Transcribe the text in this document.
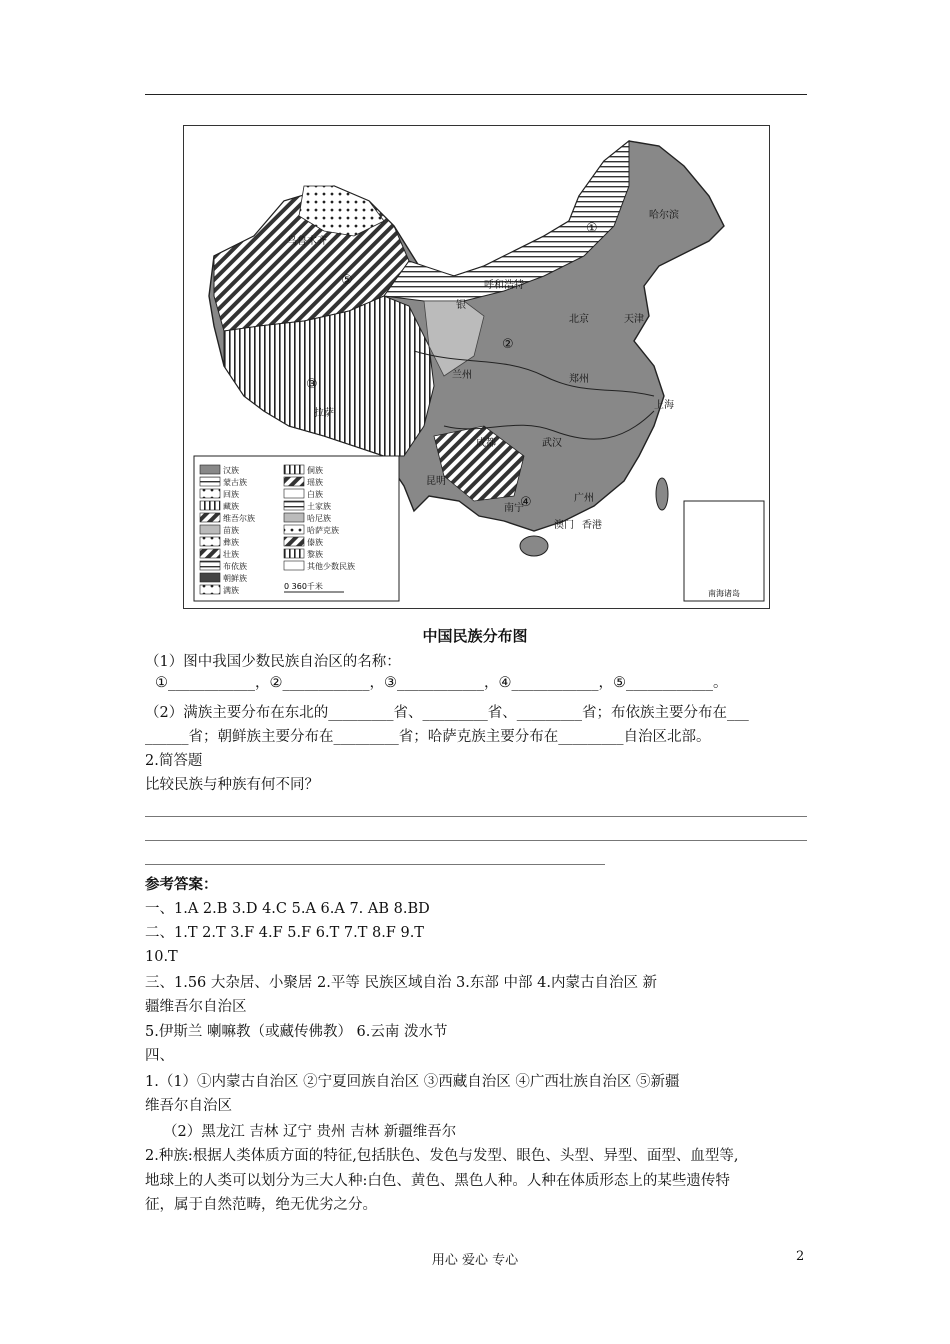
乌鲁木齐
呼和浩特
哈尔滨
北京	天津
银
兰州	郑州
上海
成都	武汉
拉萨
昆明
南宁
广州
香港
澳门
①
②
③
④
⑤
汉族
蒙古族
回族
藏族
维吾尔族
苗族
彝族
壮族
布依族
朝鲜族
满族
侗族
瑶族
白族
土家族
哈尼族
哈萨克族
傣族
黎族
其他少数民族
0 360千米
南海诸岛
中国民族分布图
（1）图中我国少数民族自治区的名称：
①____________，②____________，③____________，④____________，⑤____________。
（2）满族主要分布在东北的_________省、_________省、_________省；布依族主要分布在___
______省；朝鲜族主要分布在_________省；哈萨克族主要分布在_________自治区北部。
2.简答题
比较民族与种族有何不同？
参考答案：
一、1.A 2.B 3.D 4.C 5.A 6.A 7. AB 8.BD
二、1.T 2.T 3.F 4.F 5.F 6.T 7.T 8.F 9.T
10.T
三、1.56 大杂居、小聚居 2.平等 民族区域自治 3.东部 中部 4.内蒙古自治区 新
疆维吾尔自治区
5.伊斯兰 喇嘛教（或藏传佛教） 6.云南 泼水节
四、
1.（1）①内蒙古自治区 ②宁夏回族自治区 ③西藏自治区 ④广西壮族自治区 ⑤新疆
维吾尔自治区
（2）黑龙江 吉林 辽宁 贵州 吉林 新疆维吾尔
2.种族:根据人类体质方面的特征,包括肤色、发色与发型、眼色、头型、异型、面型、血型等,
地球上的人类可以划分为三大人种:白色、黄色、黑色人种。人种在体质形态上的某些遗传特
征，属于自然范畴，绝无优劣之分。
用心 爱心 专心	2
